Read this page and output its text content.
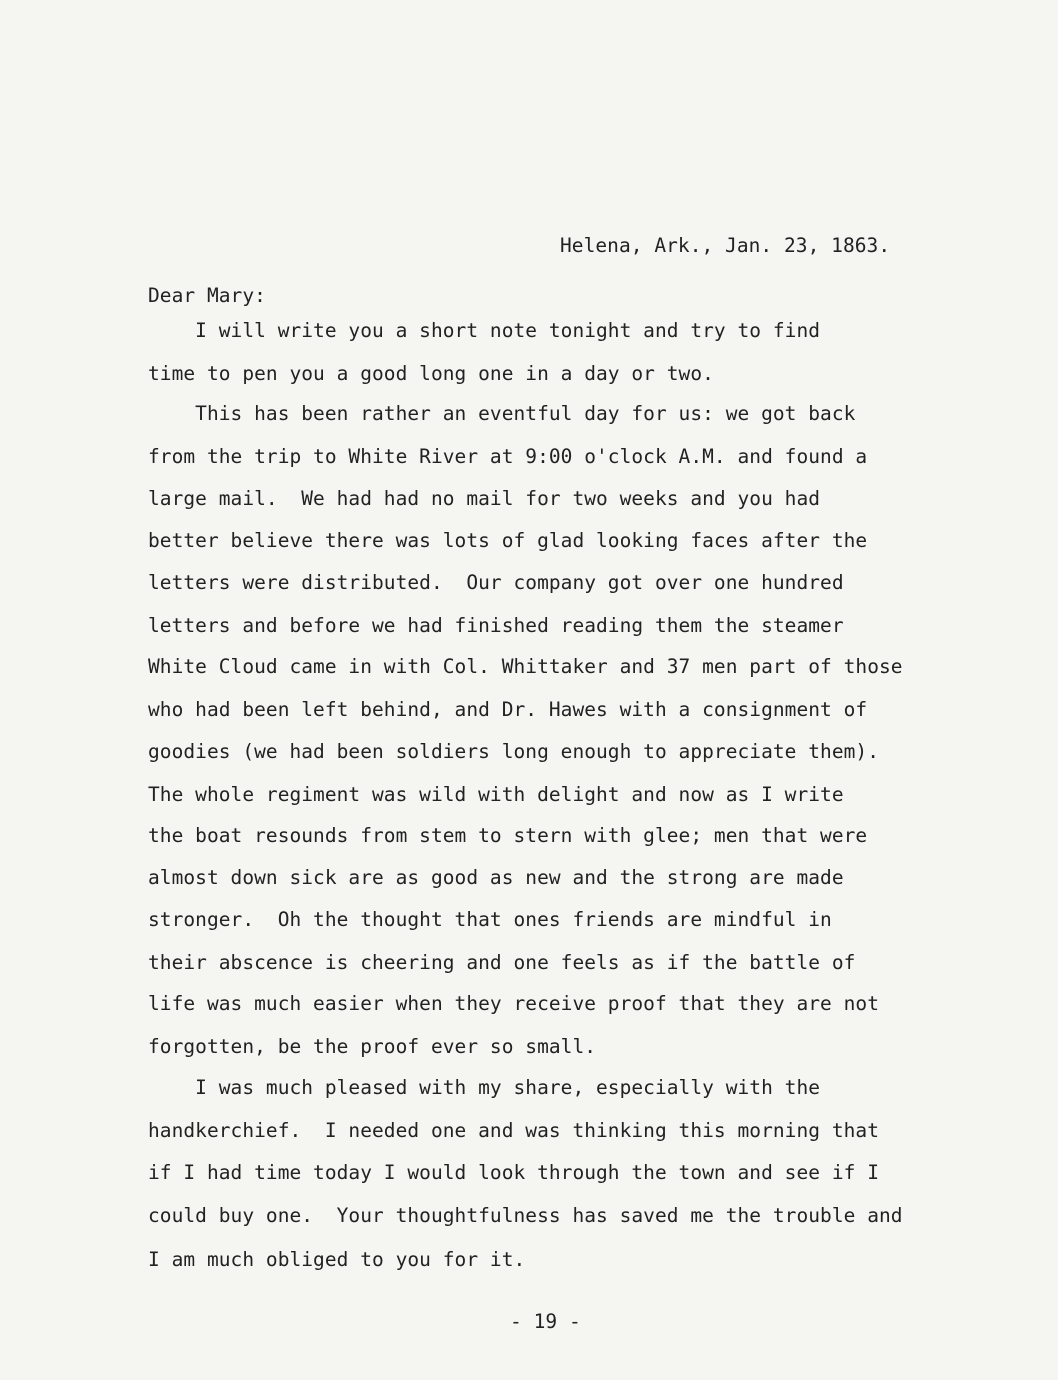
Helena, Ark., Jan. 23, 1863.
Dear Mary:
I will write you a short note tonight and try to find
time to pen you a good long one in a day or two.
This has been rather an eventful day for us: we got back
from the trip to White River at 9:00 o'clock A.M. and found a
large mail.  We had had no mail for two weeks and you had
better believe there was lots of glad looking faces after the
letters were distributed.  Our company got over one hundred
letters and before we had finished reading them the steamer
White Cloud came in with Col. Whittaker and 37 men part of those
who had been left behind, and Dr. Hawes with a consignment of
goodies (we had been soldiers long enough to appreciate them).
The whole regiment was wild with delight and now as I write
the boat resounds from stem to stern with glee; men that were
almost down sick are as good as new and the strong are made
stronger.  Oh the thought that ones friends are mindful in
their abscence is cheering and one feels as if the battle of
life was much easier when they receive proof that they are not
forgotten, be the proof ever so small.
I was much pleased with my share, especially with the
handkerchief.  I needed one and was thinking this morning that
if I had time today I would look through the town and see if I
could buy one.  Your thoughtfulness has saved me the trouble and
I am much obliged to you for it.
- 19 -
